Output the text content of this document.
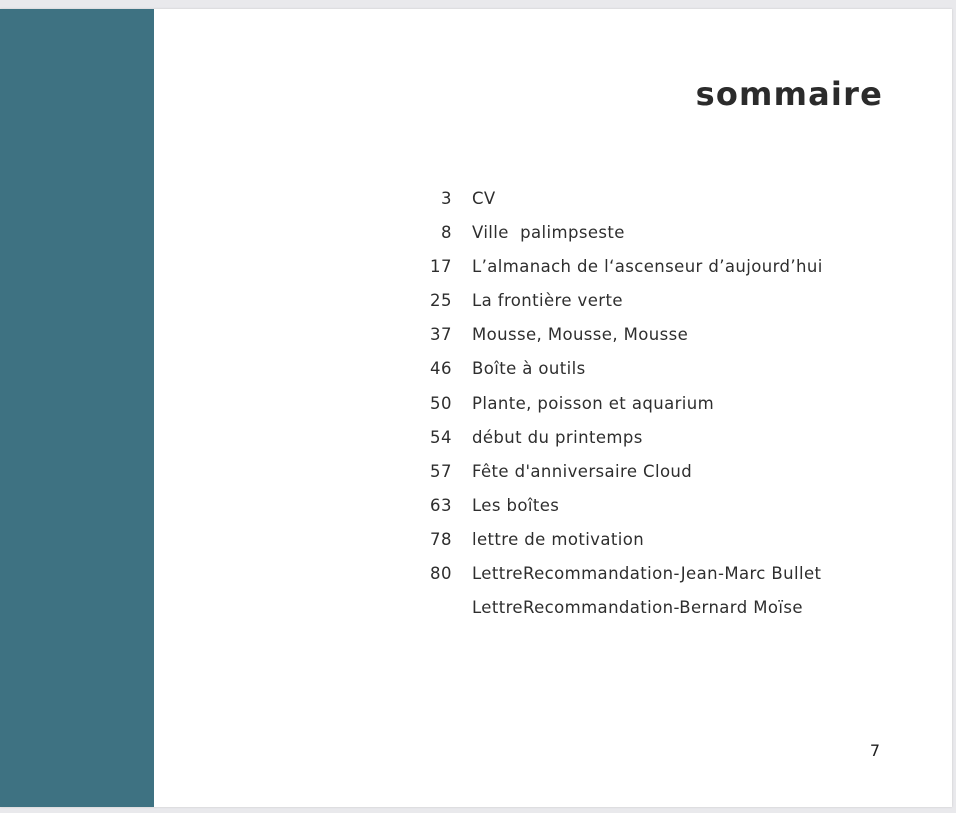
sommaire
3 CV
8 Ville  palimpseste
17 L’almanach de l‘ascenseur d’aujourd’hui
25 La frontière verte
37 Mousse, Mousse, Mousse
46 Boîte à outils
50 Plante, poisson et aquarium
54 début du printemps
57 Fête d'anniversaire Cloud
63 Les boîtes
78 lettre de motivation
80 LettreRecommandation-Jean-Marc Bullet
LettreRecommandation-Bernard Moïse
7
